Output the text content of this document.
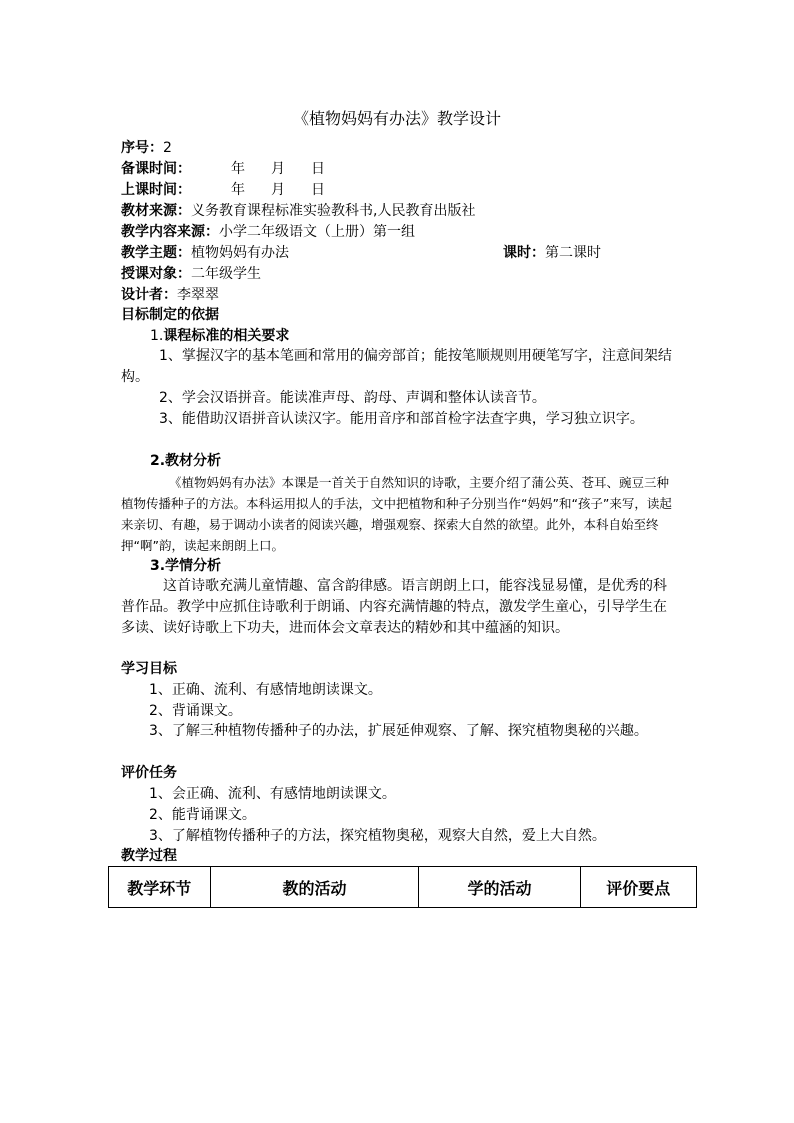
《植物妈妈有办法》教学设计
序号：2
备课时间：	年 月 日
上课时间：	年 月 日
教材来源：义务教育课程标准实验教科书,人民教育出版社
教学内容来源：小学二年级语文（上册）第一组
教学主题：植物妈妈有办法	课时：第二课时
授课对象：二年级学生
设计者：李翠翠
目标制定的依据
1.课程标准的相关要求
1、掌握汉字的基本笔画和常用的偏旁部首；能按笔顺规则用硬笔写字，注意间架结构。
2、学会汉语拼音。能读准声母、韵母、声调和整体认读音节。
3、能借助汉语拼音认读汉字。能用音序和部首检字法查字典，学习独立识字。
2.教材分析
《植物妈妈有办法》本课是一首关于自然知识的诗歌，主要介绍了蒲公英、苍耳、豌豆三种植物传播种子的方法。本科运用拟人的手法，文中把植物和种子分别当作“妈妈”和“孩子”来写，读起来亲切、有趣，易于调动小读者的阅读兴趣，增强观察、探索大自然的欲望。此外，本科自始至终押“啊”韵，读起来朗朗上口。
3.学情分析
这首诗歌充满儿童情趣、富含韵律感。语言朗朗上口，能容浅显易懂，是优秀的科普作品。教学中应抓住诗歌利于朗诵、内容充满情趣的特点，激发学生童心，引导学生在多读、读好诗歌上下功夫，进而体会文章表达的精妙和其中蕴涵的知识。
学习目标
1、正确、流利、有感情地朗读课文。
2、背诵课文。
3、了解三种植物传播种子的办法，扩展延伸观察、了解、探究植物奥秘的兴趣。
评价任务
1、会正确、流利、有感情地朗读课文。
2、能背诵课文。
3、了解植物传播种子的方法，探究植物奥秘，观察大自然，爱上大自然。
教学过程
教学环节	教的活动	学的活动	评价要点
